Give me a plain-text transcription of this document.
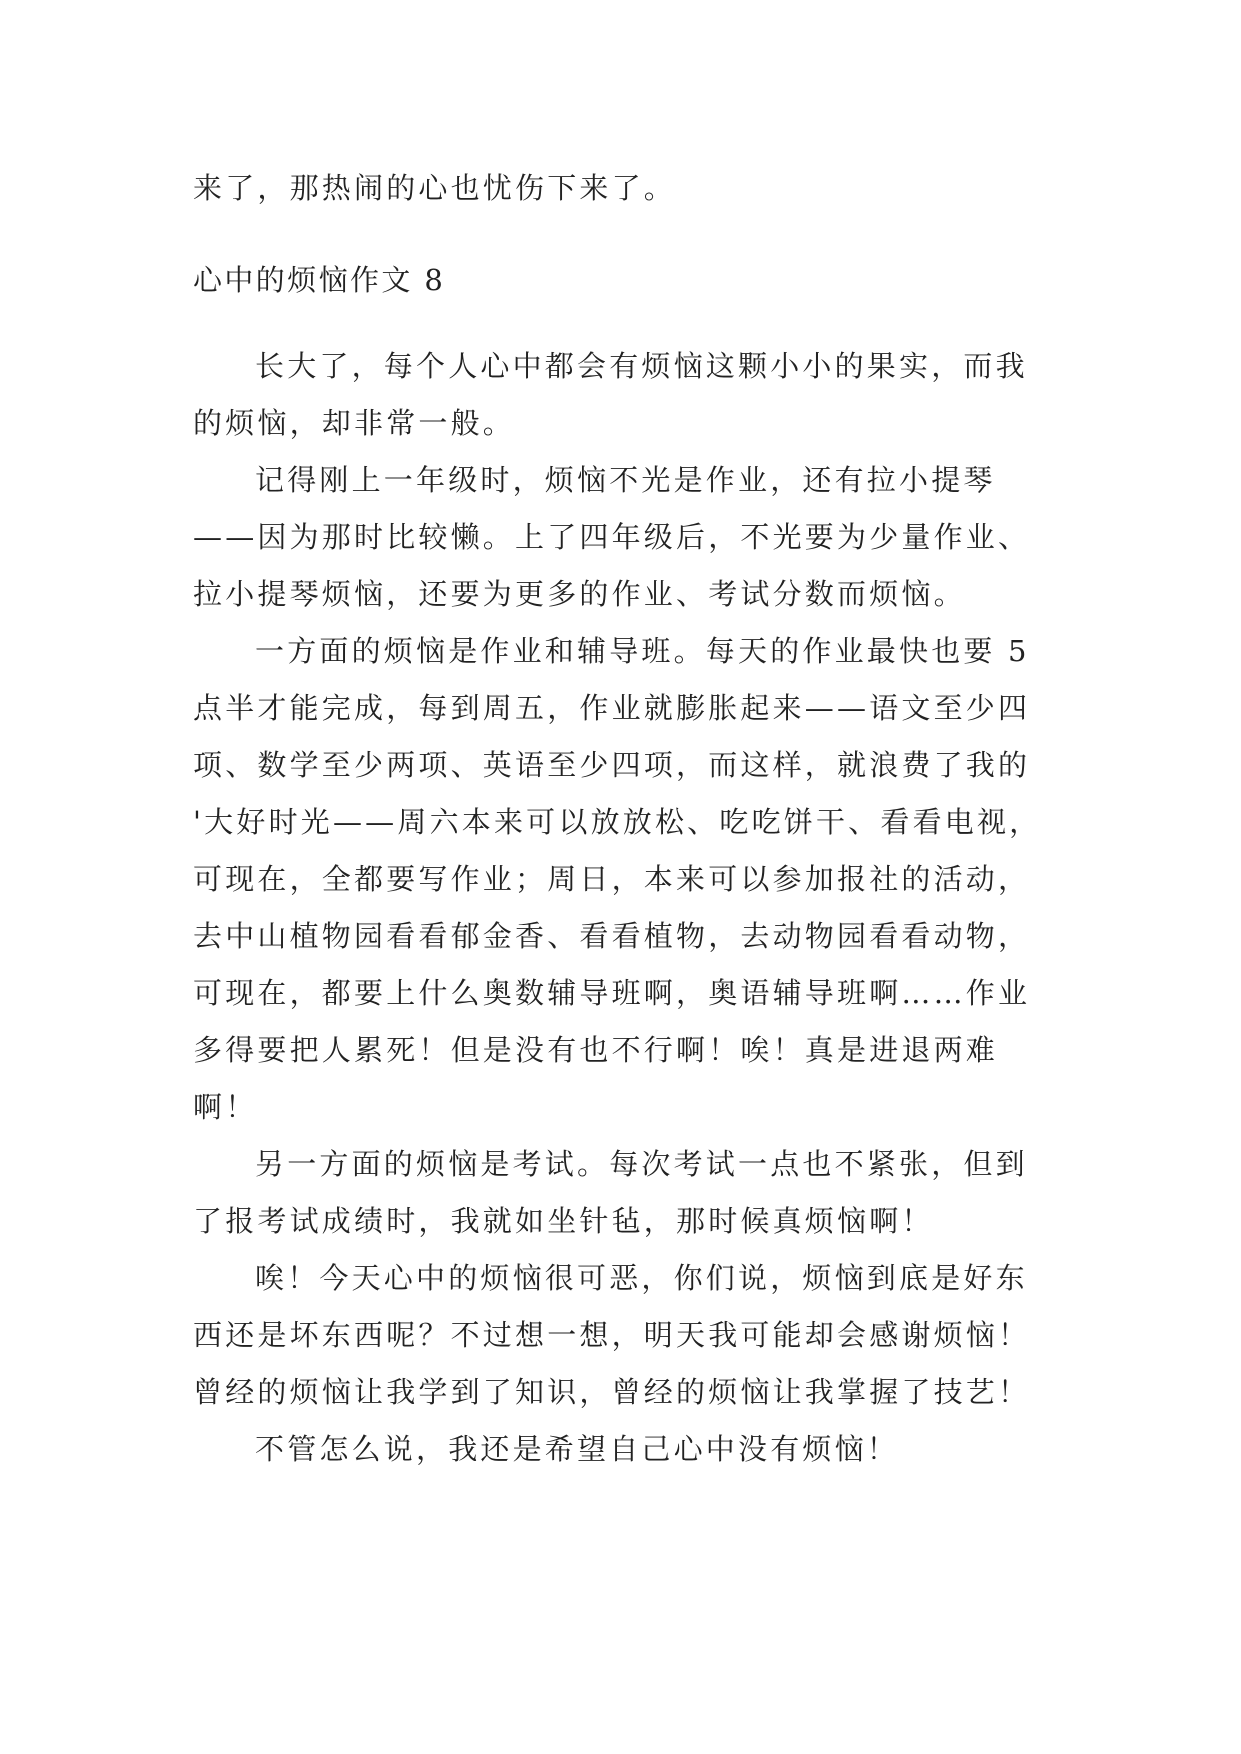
来了，那热闹的心也忧伤下来了。
心中的烦恼作文 8
长大了，每个人心中都会有烦恼这颗小小的果实，而我
的烦恼，却非常一般。
记得刚上一年级时，烦恼不光是作业，还有拉小提琴
——因为那时比较懒。上了四年级后，不光要为少量作业、
拉小提琴烦恼，还要为更多的作业、考试分数而烦恼。
一方面的烦恼是作业和辅导班。每天的作业最快也要 5
点半才能完成，每到周五，作业就膨胀起来——语文至少四
项、数学至少两项、英语至少四项，而这样，就浪费了我的
'大好时光——周六本来可以放放松、吃吃饼干、看看电视，
可现在，全都要写作业；周日，本来可以参加报社的活动，
去中山植物园看看郁金香、看看植物，去动物园看看动物，
可现在，都要上什么奥数辅导班啊，奥语辅导班啊……作业
多得要把人累死！但是没有也不行啊！唉！真是进退两难
啊！
另一方面的烦恼是考试。每次考试一点也不紧张，但到
了报考试成绩时，我就如坐针毡，那时候真烦恼啊！
唉！今天心中的烦恼很可恶，你们说，烦恼到底是好东
西还是坏东西呢？不过想一想，明天我可能却会感谢烦恼！
曾经的烦恼让我学到了知识，曾经的烦恼让我掌握了技艺！
不管怎么说，我还是希望自己心中没有烦恼！
